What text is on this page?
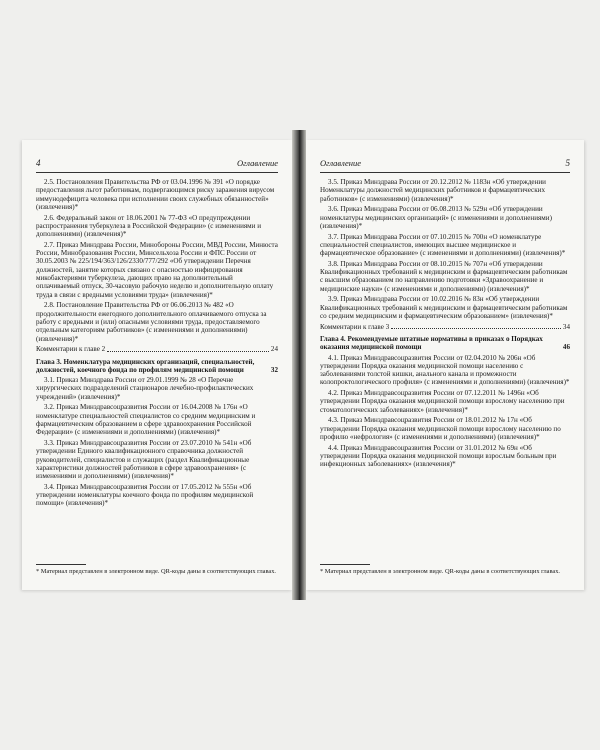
4	Оглавление

2.5. Постановления Правительства РФ от 03.04.1996 № 391 «О порядке предоставления льгот работникам, подвергающимся риску заражения вирусом иммунодефицита человека при исполнении своих служебных обязанностей» (извлечения)*

2.6. Федеральный закон от 18.06.2001 № 77-ФЗ «О предупреждении распространения туберкулеза в Российской Федерации» (с изменениями и дополнениями) (извлечения)*

2.7. Приказ Минздрава России, Минобороны России, МВД России, Минюста России, Минобразования России, Минсельхоза России и ФПС России от 30.05.2003 № 225/194/363/126/2330/777/292 «Об утверждении Перечня должностей, занятие которых связано с опасностью инфицирования микобактериями туберкулеза, дающих право на дополнительный оплачиваемый отпуск, 30-часовую рабочую неделю и дополнительную оплату труда в связи с вредными условиями труда» (извлечения)*

2.8. Постановление Правительства РФ от 06.06.2013 № 482 «О продолжительности ежегодного дополнительного оплачиваемого отпуска за работу с вредными и (или) опасными условиями труда, предоставляемого отдельным категориям работников» (с изменениями и дополнениями) (извлечения)*

Комментарии к главе 2	24
Глава 3. Номенклатура медицинских организаций, специальностей, должностей, коечного фонда по профилям медицинской помощи	32

3.1. Приказ Минздрава России от 29.01.1999 № 28 «О Перечне хирургических подразделений стационаров лечебно-профилактических учреждений» (извлечения)*

3.2. Приказ Минздравсоцразвития России от 16.04.2008 № 176н «О номенклатуре специальностей специалистов со средним медицинским и фармацевтическим образованием в сфере здравоохранения Российской Федерации» (с изменениями и дополнениями) (извлечения)*

3.3. Приказ Минздравсоцразвития России от 23.07.2010 № 541н «Об утверждении Единого квалификационного справочника должностей руководителей, специалистов и служащих (раздел Квалификационные характеристики должностей работников в сфере здравоохранения» (с изменениями и дополнениями) (извлечения)*

3.4. Приказ Минздравсоцразвития России от 17.05.2012 № 555н «Об утверждении номенклатуры коечного фонда по профилям медицинской помощи» (извлечения)*

* Материал представлен в электронном виде. QR-коды даны в соответствующих главах.
Оглавление	5

3.5. Приказ Минздрава России от 20.12.2012 № 1183н «Об утверждении Номенклатуры должностей медицинских работников и фармацевтических работников» (с изменениями) (извлечения)*

3.6. Приказ Минздрава России от 06.08.2013 № 529н «Об утверждении номенклатуры медицинских организаций» (с изменениями и дополнениями) (извлечения)*

3.7. Приказ Минздрава России от 07.10.2015 № 700н «О номенклатуре специальностей специалистов, имеющих высшее медицинское и фармацевтическое образование» (с изменениями и дополнениями) (извлечения)*

3.8. Приказ Минздрава России от 08.10.2015 № 707н «Об утверждении Квалификационных требований к медицинским и фармацевтическим работникам с высшим образованием по направлению подготовки «Здравоохранение и медицинские науки» (с изменениями и дополнениями) (извлечения)*

3.9. Приказ Минздрава России от 10.02.2016 № 83н «Об утверждении Квалификационных требований к медицинским и фармацевтическим работникам со средним медицинским и фармацевтическим образованием» (извлечения)*

Комментарии к главе 3	34
Глава 4. Рекомендуемые штатные нормативы в приказах о Порядках оказания медицинской помощи	46

4.1. Приказ Минздравсоцразвития России от 02.04.2010 № 206н «Об утверждении Порядка оказания медицинской помощи населению с заболеваниями толстой кишки, анального канала и промежности колопроктологического профиля» (с изменениями и дополнениями) (извлечения)*

4.2. Приказ Минздравсоцразвития России от 07.12.2011 № 1496н «Об утверждении Порядка оказания медицинской помощи взрослому населению при стоматологических заболеваниях» (извлечения)*

4.3. Приказ Минздравсоцразвития России от 18.01.2012 № 17н «Об утверждении Порядка оказания медицинской помощи взрослому населению по профилю «нефрология» (с изменениями и дополнениями) (извлечения)*

4.4. Приказ Минздравсоцразвития России от 31.01.2012 № 69н «Об утверждении Порядка оказания медицинской помощи взрослым больным при инфекционных заболеваниях» (извлечения)*

* Материал представлен в электронном виде. QR-коды даны в соответствующих главах.
